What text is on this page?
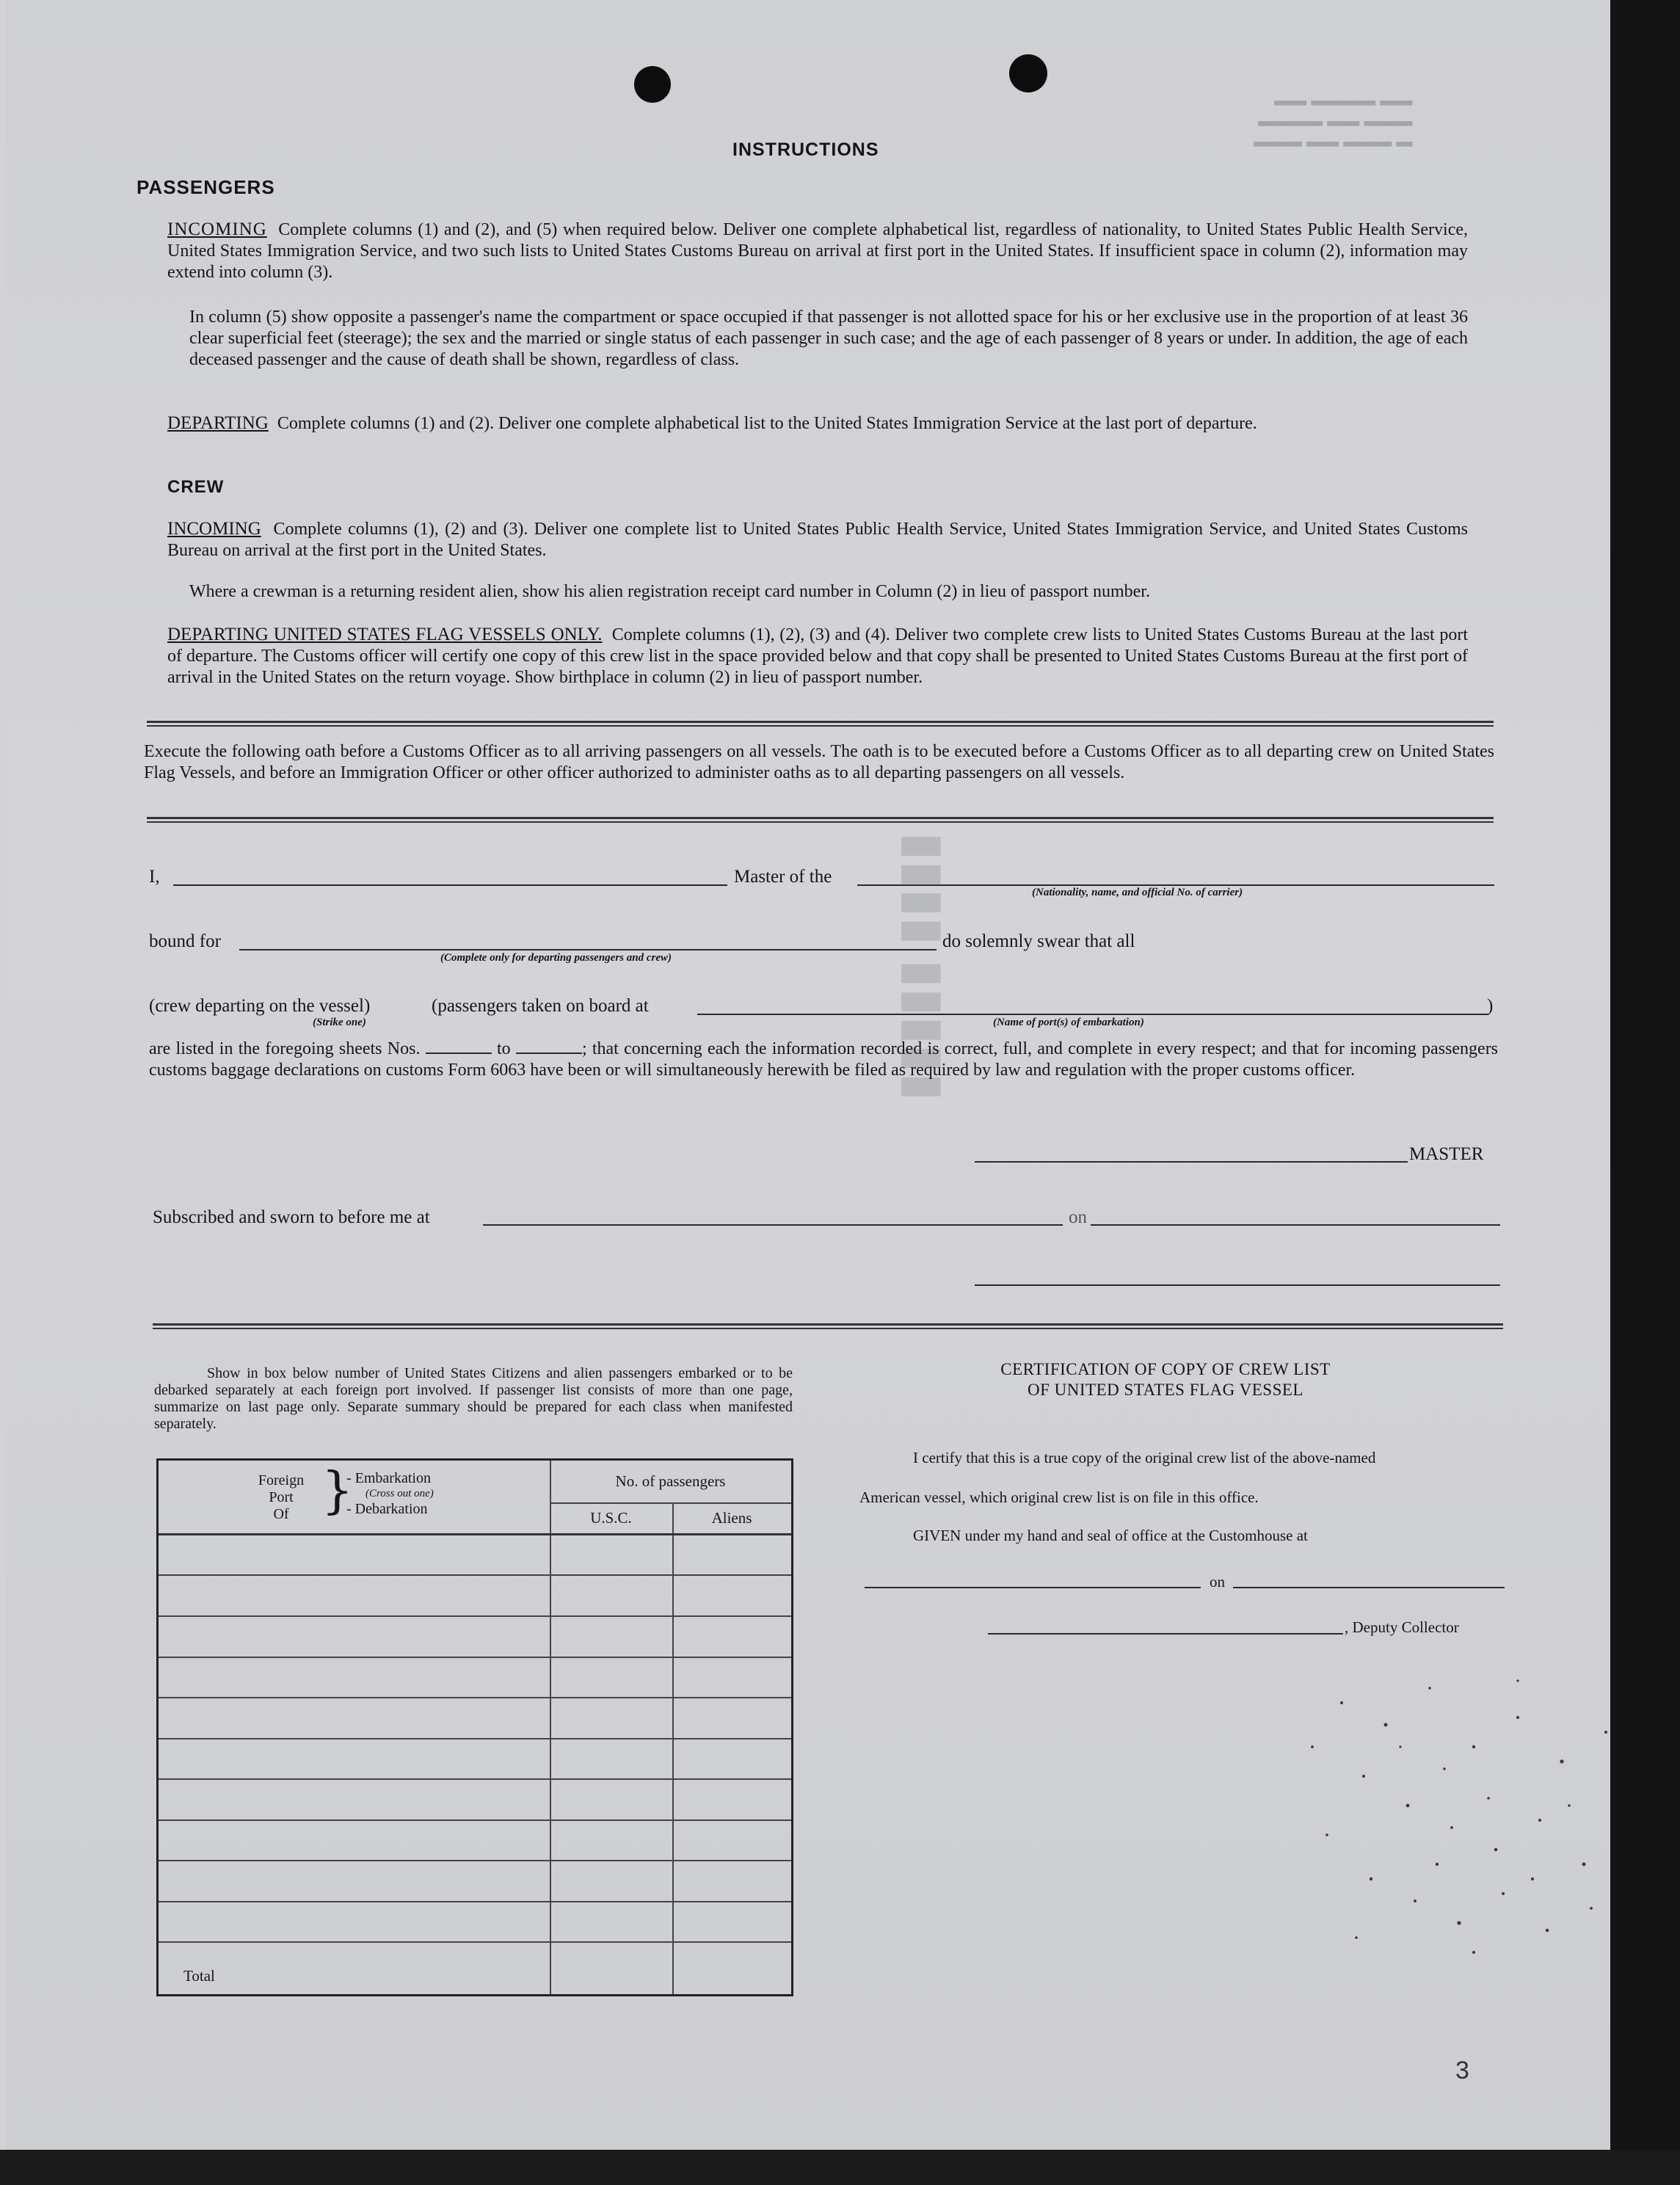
▬ ▬▬▬ ▬▬ ▬▬▬
▬▬▬ ▬▬ ▬▬▬▬
▬▬ ▬▬▬▬ ▬▬
▮▮▮▮▮ ▮▮▮▮
INSTRUCTIONS
PASSENGERS
INCOMING Complete columns (1) and (2), and (5) when required below. Deliver one complete alphabetical list, regardless of nationality, to United States Public Health Service, United States Immigration Service, and two such lists to United States Customs Bureau on arrival at first port in the United States. If insufficient space in column (2), information may extend into column (3).
In column (5) show opposite a passenger's name the compartment or space occupied if that passenger is not allotted space for his or her exclusive use in the proportion of at least 36 clear superficial feet (steerage); the sex and the married or single status of each passenger in such case; and the age of each passenger of 8 years or under. In addition, the age of each deceased passenger and the cause of death shall be shown, regardless of class.
DEPARTING Complete columns (1) and (2). Deliver one complete alphabetical list to the United States Immigration Service at the last port of departure.
CREW
INCOMING Complete columns (1), (2) and (3). Deliver one complete list to United States Public Health Service, United States Immigration Service, and United States Customs Bureau on arrival at the first port in the United States.
Where a crewman is a returning resident alien, show his alien registration receipt card number in Column (2) in lieu of passport number.
DEPARTING UNITED STATES FLAG VESSELS ONLY. Complete columns (1), (2), (3) and (4). Deliver two complete crew lists to United States Customs Bureau at the last port of departure. The Customs officer will certify one copy of this crew list in the space provided below and that copy shall be presented to United States Customs Bureau at the first port of arrival in the United States on the return voyage. Show birthplace in column (2) in lieu of passport number.
Execute the following oath before a Customs Officer as to all arriving passengers on all vessels. The oath is to be executed before a Customs Officer as to all departing crew on United States Flag Vessels, and before an Immigration Officer or other officer authorized to administer oaths as to all departing passengers on all vessels.
I,	Master of the
(Nationality, name, and official No. of carrier)
bound for
(Complete only for departing passengers and crew)
do solemnly swear that all
(crew departing on the vessel)	(passengers taken on board at	)
(Strike one)	(Name of port(s) of embarkation)
are listed in the foregoing sheets Nos.	to	; that concerning each the information recorded is correct, full, and complete in every respect; and that for incoming passengers customs baggage declarations on customs Form 6063 have been or will simultaneously herewith be filed as required by law and regulation with the proper customs officer.
MASTER
Subscribed and sworn to before me at	on
Show in box below number of United States Citizens and alien passengers embarked or to be debarked separately at each foreign port involved. If passenger list consists of more than one page, summarize on last page only. Separate summary should be prepared for each class when manifested separately.
Foreign
Port
Of }
- Embarkation
(Cross out one)
- Debarkation
No. of passengers
U.S.C.	Aliens
Total
CERTIFICATION OF COPY OF CREW LIST
OF UNITED STATES FLAG VESSEL
I certify that this is a true copy of the original crew list of the above-named
American vessel, which original crew list is on file in this office.
GIVEN under my hand and seal of office at the Customhouse at
on
, Deputy Collector
3
